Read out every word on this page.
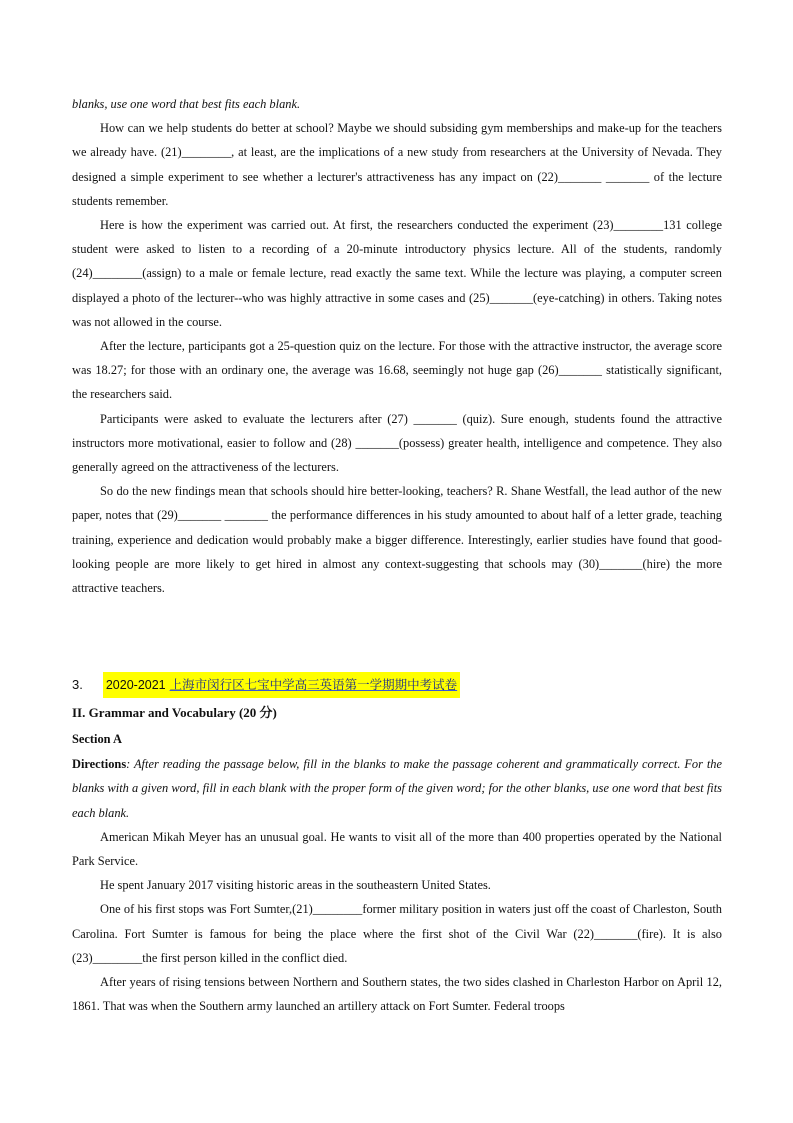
blanks, use one word that best fits each blank.

How can we help students do better at school? Maybe we should subsiding gym memberships and make-up for the teachers we already have. (21)________, at least, are the implications of a new study from researchers at the University of Nevada. They designed a simple experiment to see whether a lecturer's attractiveness has any impact on (22)_______ _______ of the lecture students remember.

Here is how the experiment was carried out. At first, the researchers conducted the experiment (23)________131 college student were asked to listen to a recording of a 20-minute introductory physics lecture. All of the students, randomly (24)________(assign) to a male or female lecture, read exactly the same text. While the lecture was playing, a computer screen displayed a photo of the lecturer--who was highly attractive in some cases and (25)_______(eye-catching) in others. Taking notes was not allowed in the course.

After the lecture, participants got a 25-question quiz on the lecture. For those with the attractive instructor, the average score was 18.27; for those with an ordinary one, the average was 16.68, seemingly not huge gap (26)_______ statistically significant, the researchers said.

Participants were asked to evaluate the lecturers after (27) _______ (quiz). Sure enough, students found the attractive instructors more motivational, easier to follow and (28) _______(possess) greater health, intelligence and competence. They also generally agreed on the attractiveness of the lecturers.

So do the new findings mean that schools should hire better-looking, teachers? R. Shane Westfall, the lead author of the new paper, notes that (29)_______ _______ the performance differences in his study amounted to about half of a letter grade, teaching training, experience and dedication would probably make a bigger difference. Interestingly, earlier studies have found that good-looking people are more likely to get hired in almost any context-suggesting that schools may (30)_______(hire) the more attractive teachers.

3. 2020-2021 上海市闵行区七宝中学高三英语第一学期期中考试卷

II. Grammar and Vocabulary (20 分)

Section A

Directions: After reading the passage below, fill in the blanks to make the passage coherent and grammatically correct. For the blanks with a given word, fill in each blank with the proper form of the given word; for the other blanks, use one word that best fits each blank.

American Mikah Meyer has an unusual goal. He wants to visit all of the more than 400 properties operated by the National Park Service.

He spent January 2017 visiting historic areas in the southeastern United States.

One of his first stops was Fort Sumter,(21)________former military position in waters just off the coast of Charleston, South Carolina. Fort Sumter is famous for being the place where the first shot of the Civil War (22)_______(fire). It is also (23)________the first person killed in the conflict died.

After years of rising tensions between Northern and Southern states, the two sides clashed in Charleston Harbor on April 12, 1861. That was when the Southern army launched an artillery attack on Fort Sumter. Federal troops
